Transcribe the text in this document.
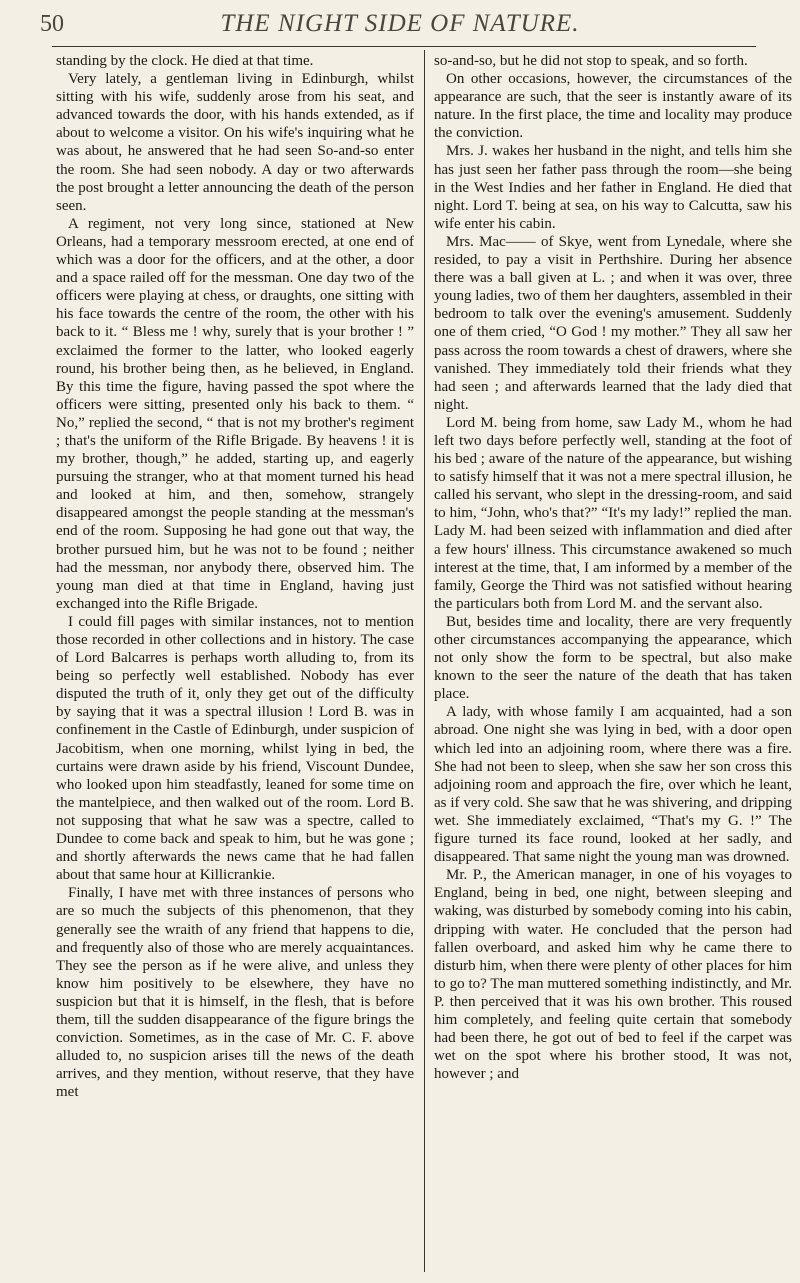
50	THE NIGHT SIDE OF NATURE.

standing by the clock. He died at that time.

Very lately, a gentleman living in Edinburgh, whilst sitting with his wife, suddenly arose from his seat, and advanced towards the door, with his hands extended, as if about to welcome a visitor. On his wife's inquiring what he was about, he answered that he had seen So-and-so enter the room. She had seen nobody. A day or two afterwards the post brought a letter announcing the death of the person seen.

A regiment, not very long since, stationed at New Orleans, had a temporary messroom erected, at one end of which was a door for the officers, and at the other, a door and a space railed off for the messman. One day two of the officers were playing at chess, or draughts, one sitting with his face towards the centre of the room, the other with his back to it. “ Bless me ! why, surely that is your brother ! ” exclaimed the former to the latter, who looked eagerly round, his brother being then, as he believed, in England. By this time the figure, having passed the spot where the officers were sitting, presented only his back to them. “ No,” replied the second, “ that is not my brother's regiment ; that's the uniform of the Rifle Brigade. By heavens ! it is my brother, though,” he added, starting up, and eagerly pursuing the stranger, who at that moment turned his head and looked at him, and then, somehow, strangely disappeared amongst the people standing at the messman's end of the room. Supposing he had gone out that way, the brother pursued him, but he was not to be found ; neither had the messman, nor anybody there, observed him. The young man died at that time in England, having just exchanged into the Rifle Brigade.

I could fill pages with similar instances, not to mention those recorded in other collections and in history. The case of Lord Balcarres is perhaps worth alluding to, from its being so perfectly well established. Nobody has ever disputed the truth of it, only they get out of the difficulty by saying that it was a spectral illusion ! Lord B. was in confinement in the Castle of Edinburgh, under suspicion of Jacobitism, when one morning, whilst lying in bed, the curtains were drawn aside by his friend, Viscount Dundee, who looked upon him steadfastly, leaned for some time on the mantelpiece, and then walked out of the room. Lord B. not supposing that what he saw was a spectre, called to Dundee to come back and speak to him, but he was gone ; and shortly afterwards the news came that he had fallen about that same hour at Killicrankie.

Finally, I have met with three instances of persons who are so much the subjects of this phenomenon, that they generally see the wraith of any friend that happens to die, and frequently also of those who are merely acquaintances. They see the person as if he were alive, and unless they know him positively to be elsewhere, they have no suspicion but that it is himself, in the flesh, that is before them, till the sudden disappearance of the figure brings the conviction. Sometimes, as in the case of Mr. C. F. above alluded to, no suspicion arises till the news of the death arrives, and they mention, without reserve, that they have met

so-and-so, but he did not stop to speak, and so forth.

On other occasions, however, the circumstances of the appearance are such, that the seer is instantly aware of its nature. In the first place, the time and locality may produce the conviction.

Mrs. J. wakes her husband in the night, and tells him she has just seen her father pass through the room—she being in the West Indies and her father in England. He died that night. Lord T. being at sea, on his way to Calcutta, saw his wife enter his cabin.

Mrs. Mac—— of Skye, went from Lynedale, where she resided, to pay a visit in Perthshire. During her absence there was a ball given at L. ; and when it was over, three young ladies, two of them her daughters, assembled in their bedroom to talk over the evening's amusement. Suddenly one of them cried, “O God ! my mother.” They all saw her pass across the room towards a chest of drawers, where she vanished. They immediately told their friends what they had seen ; and afterwards learned that the lady died that night.

Lord M. being from home, saw Lady M., whom he had left two days before perfectly well, standing at the foot of his bed ; aware of the nature of the appearance, but wishing to satisfy himself that it was not a mere spectral illusion, he called his servant, who slept in the dressing-room, and said to him, “John, who's that?” “It's my lady!” replied the man. Lady M. had been seized with inflammation and died after a few hours' illness. This circumstance awakened so much interest at the time, that, I am informed by a member of the family, George the Third was not satisfied without hearing the particulars both from Lord M. and the servant also.

But, besides time and locality, there are very frequently other circumstances accompanying the appearance, which not only show the form to be spectral, but also make known to the seer the nature of the death that has taken place.

A lady, with whose family I am acquainted, had a son abroad. One night she was lying in bed, with a door open which led into an adjoining room, where there was a fire. She had not been to sleep, when she saw her son cross this adjoining room and approach the fire, over which he leant, as if very cold. She saw that he was shivering, and dripping wet. She immediately exclaimed, “That's my G. !” The figure turned its face round, looked at her sadly, and disappeared. That same night the young man was drowned.

Mr. P., the American manager, in one of his voyages to England, being in bed, one night, between sleeping and waking, was disturbed by somebody coming into his cabin, dripping with water. He concluded that the person had fallen overboard, and asked him why he came there to disturb him, when there were plenty of other places for him to go to? The man muttered something indistinctly, and Mr. P. then perceived that it was his own brother. This roused him completely, and feeling quite certain that somebody had been there, he got out of bed to feel if the carpet was wet on the spot where his brother stood, It was not, however ; and
